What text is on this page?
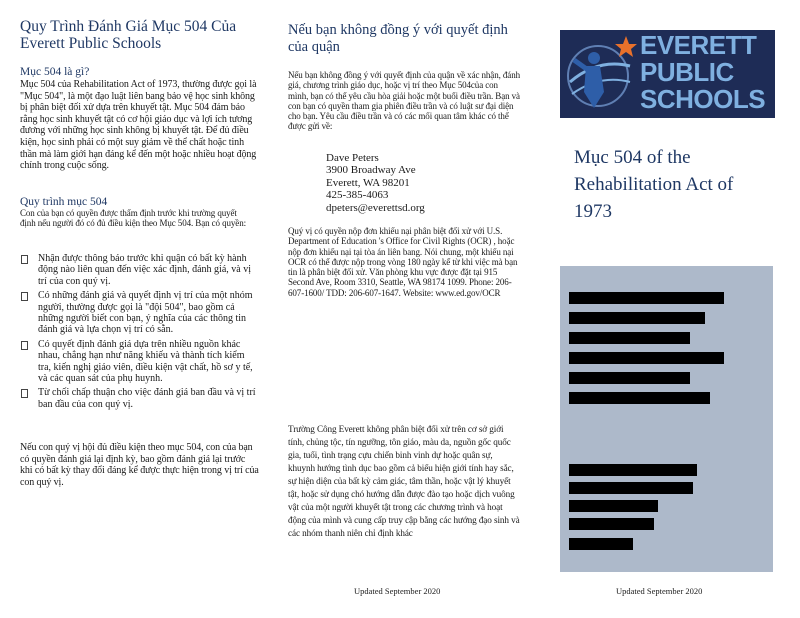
Quy Trình Đánh Giá Mục 504 Của Everett Public Schools
Mục 504 là gì?

Mục 504 của Rehabilitation Act of 1973, thường được gọi là "Mục 504", là một đạo luật liên bang bảo vệ học sinh không bị phân biệt đối xử dựa trên khuyết tật. Mục 504 đảm bảo rằng học sinh khuyết tật có cơ hội giáo dục và lợi ích tương đương với những học sinh không bị khuyết tật. Để đủ điều kiện, học sinh phải có một suy giảm về thể chất hoặc tinh thần mà làm giới hạn đáng kể đến một hoặc nhiều hoạt động chính trong cuộc sống.

Quy trình mục 504

Con của bạn có quyền được thẩm định trước khi trường quyết định nếu người đó có đủ điều kiện theo Mục 504. Bạn có quyền:

Nhận được thông báo trước khi quận có bất kỳ hành động nào liên quan đến việc xác định, đánh giá, và vị trí của con quý vị.
Có những đánh giá và quyết định vị trí của một nhóm người, thường được gọi là "đội 504", bao gồm cả những người biết con bạn, ý nghĩa của các thông tin đánh giá và lựa chọn vị trí có sẵn.
Có quyết định đánh giá dựa trên nhiều nguồn khác nhau, chẳng hạn như năng khiếu và thành tích kiểm tra, kiến nghị giáo viên, điều kiện vật chất, hồ sơ y tế, và các quan sát của phụ huynh.
Từ chối chấp thuận cho việc đánh giá ban đầu và vị trí ban đầu của con quý vị.

Nếu con quý vị hội đủ điều kiện theo mục 504, con của bạn có quyền đánh giá lại định kỳ, bao gồm đánh giá lại trước khi có bất kỳ thay đổi đáng kể được thực hiện trong vị trí của con quý vị.

Nếu bạn không đồng ý với quyết định của quận

Nếu bạn không đồng ý với quyết định của quận về xác nhận, đánh giá, chương trình giáo dục, hoặc vị trí theo Mục 504của con mình, bạn có thể yêu cầu hòa giải hoặc một buổi điều trần. Bạn và con bạn có quyền tham gia phiên điều trần và có luật sư đại diện cho bạn. Yêu cầu điều trần và có các mối quan tâm khác có thể được gửi về:

Dave Peters
3900 Broadway Ave
Everett, WA 98201
425-385-4063
dpeters@everettsd.org

Quý vị có quyền nộp đơn khiếu nại phân biệt đối xử với U.S. Department of Education 's Office for Civil Rights (OCR) , hoặc nộp đơn khiếu nại tại tòa án liên bang. Nói chung, một khiếu nại OCR có thể được nộp trong vòng 180 ngày kể từ khi việc mà bạn tin là phân biệt đối xử. Văn phòng khu vực được đặt tại 915 Second Ave, Room 3310, Seattle, WA 98174 1099. Phone: 206-607-1600/ TDD: 206-607-1647. Website: www.ed.gov/OCR

Trường Công Everett không phân biệt đối xử trên cơ sở giới tính, chủng tộc, tín ngưỡng, tôn giáo, màu da, nguồn gốc quốc gia, tuổi, tình trạng cựu chiến binh vinh dự hoặc quân sự, khuynh hướng tình dục bao gồm cả biểu hiện giới tính hay sắc, sự hiện diện của bất kỳ cảm giác, tâm thần, hoặc vật lý khuyết tật, hoặc sử dụng chó hướng dẫn được đào tạo hoặc dịch vuông vật của một người khuyết tật trong các chương trình và hoạt động của mình và cung cấp truy cập bằng các hướng đạo sinh và các nhóm thanh niên chỉ định khác

Updated September 2020
EVERETT
PUBLIC
SCHOOLS
Mục 504 of the Rehabilitation Act of 1973
Updated September 2020
